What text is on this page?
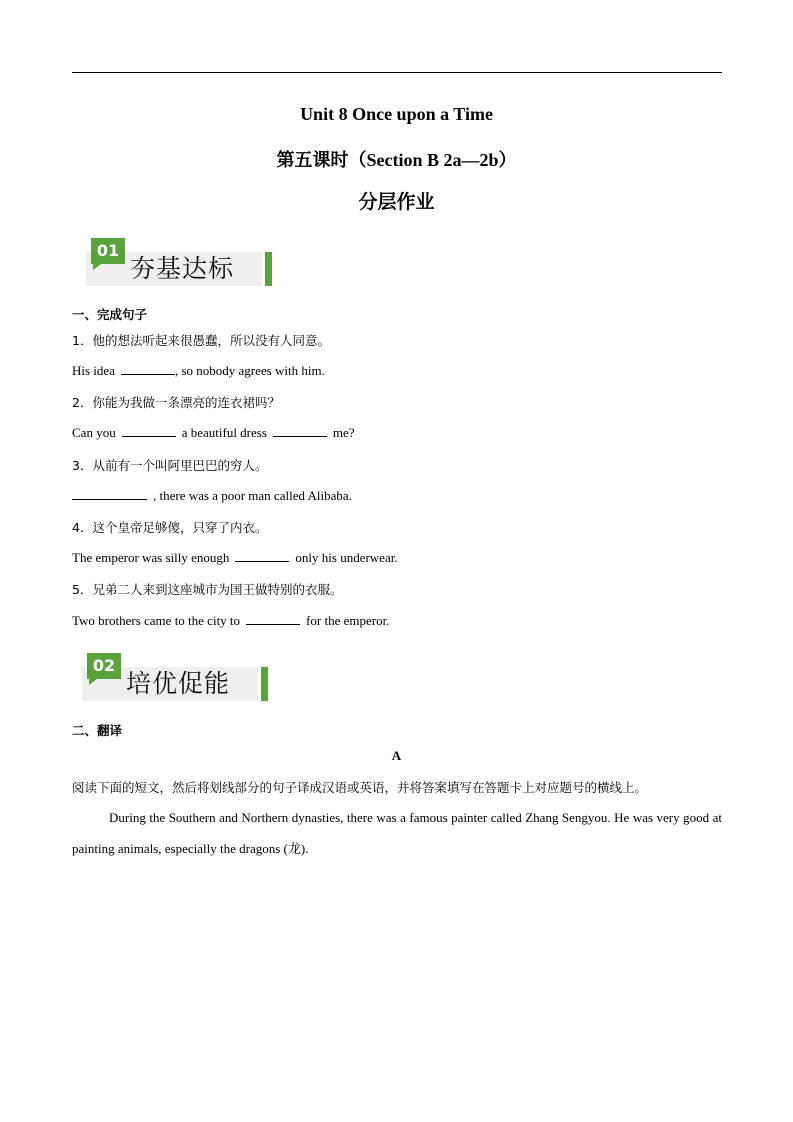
Unit 8 Once upon a Time
第五课时（Section B 2a—2b）
分层作业
01
夯基达标
一、完成句子
1．他的想法听起来很愚蠢，所以没有人同意。
His idea	, so nobody agrees with him.
2．你能为我做一条漂亮的连衣裙吗？
Can you	a beautiful dress	me?
3．从前有一个叫阿里巴巴的穷人。
, there was a poor man called Alibaba.
4．这个皇帝足够傻，只穿了内衣。
The emperor was silly enough	only his underwear.
5．兄弟二人来到这座城市为国王做特别的衣服。
Two brothers came to the city to	for the emperor.
02
培优促能
二、翻译
A
阅读下面的短文，然后将划线部分的句子译成汉语或英语，并将答案填写在答题卡上对应题号的横线上。
During the Southern and Northern dynasties, there was a famous painter called Zhang Sengyou. He was very good at painting animals, especially the dragons (龙).
